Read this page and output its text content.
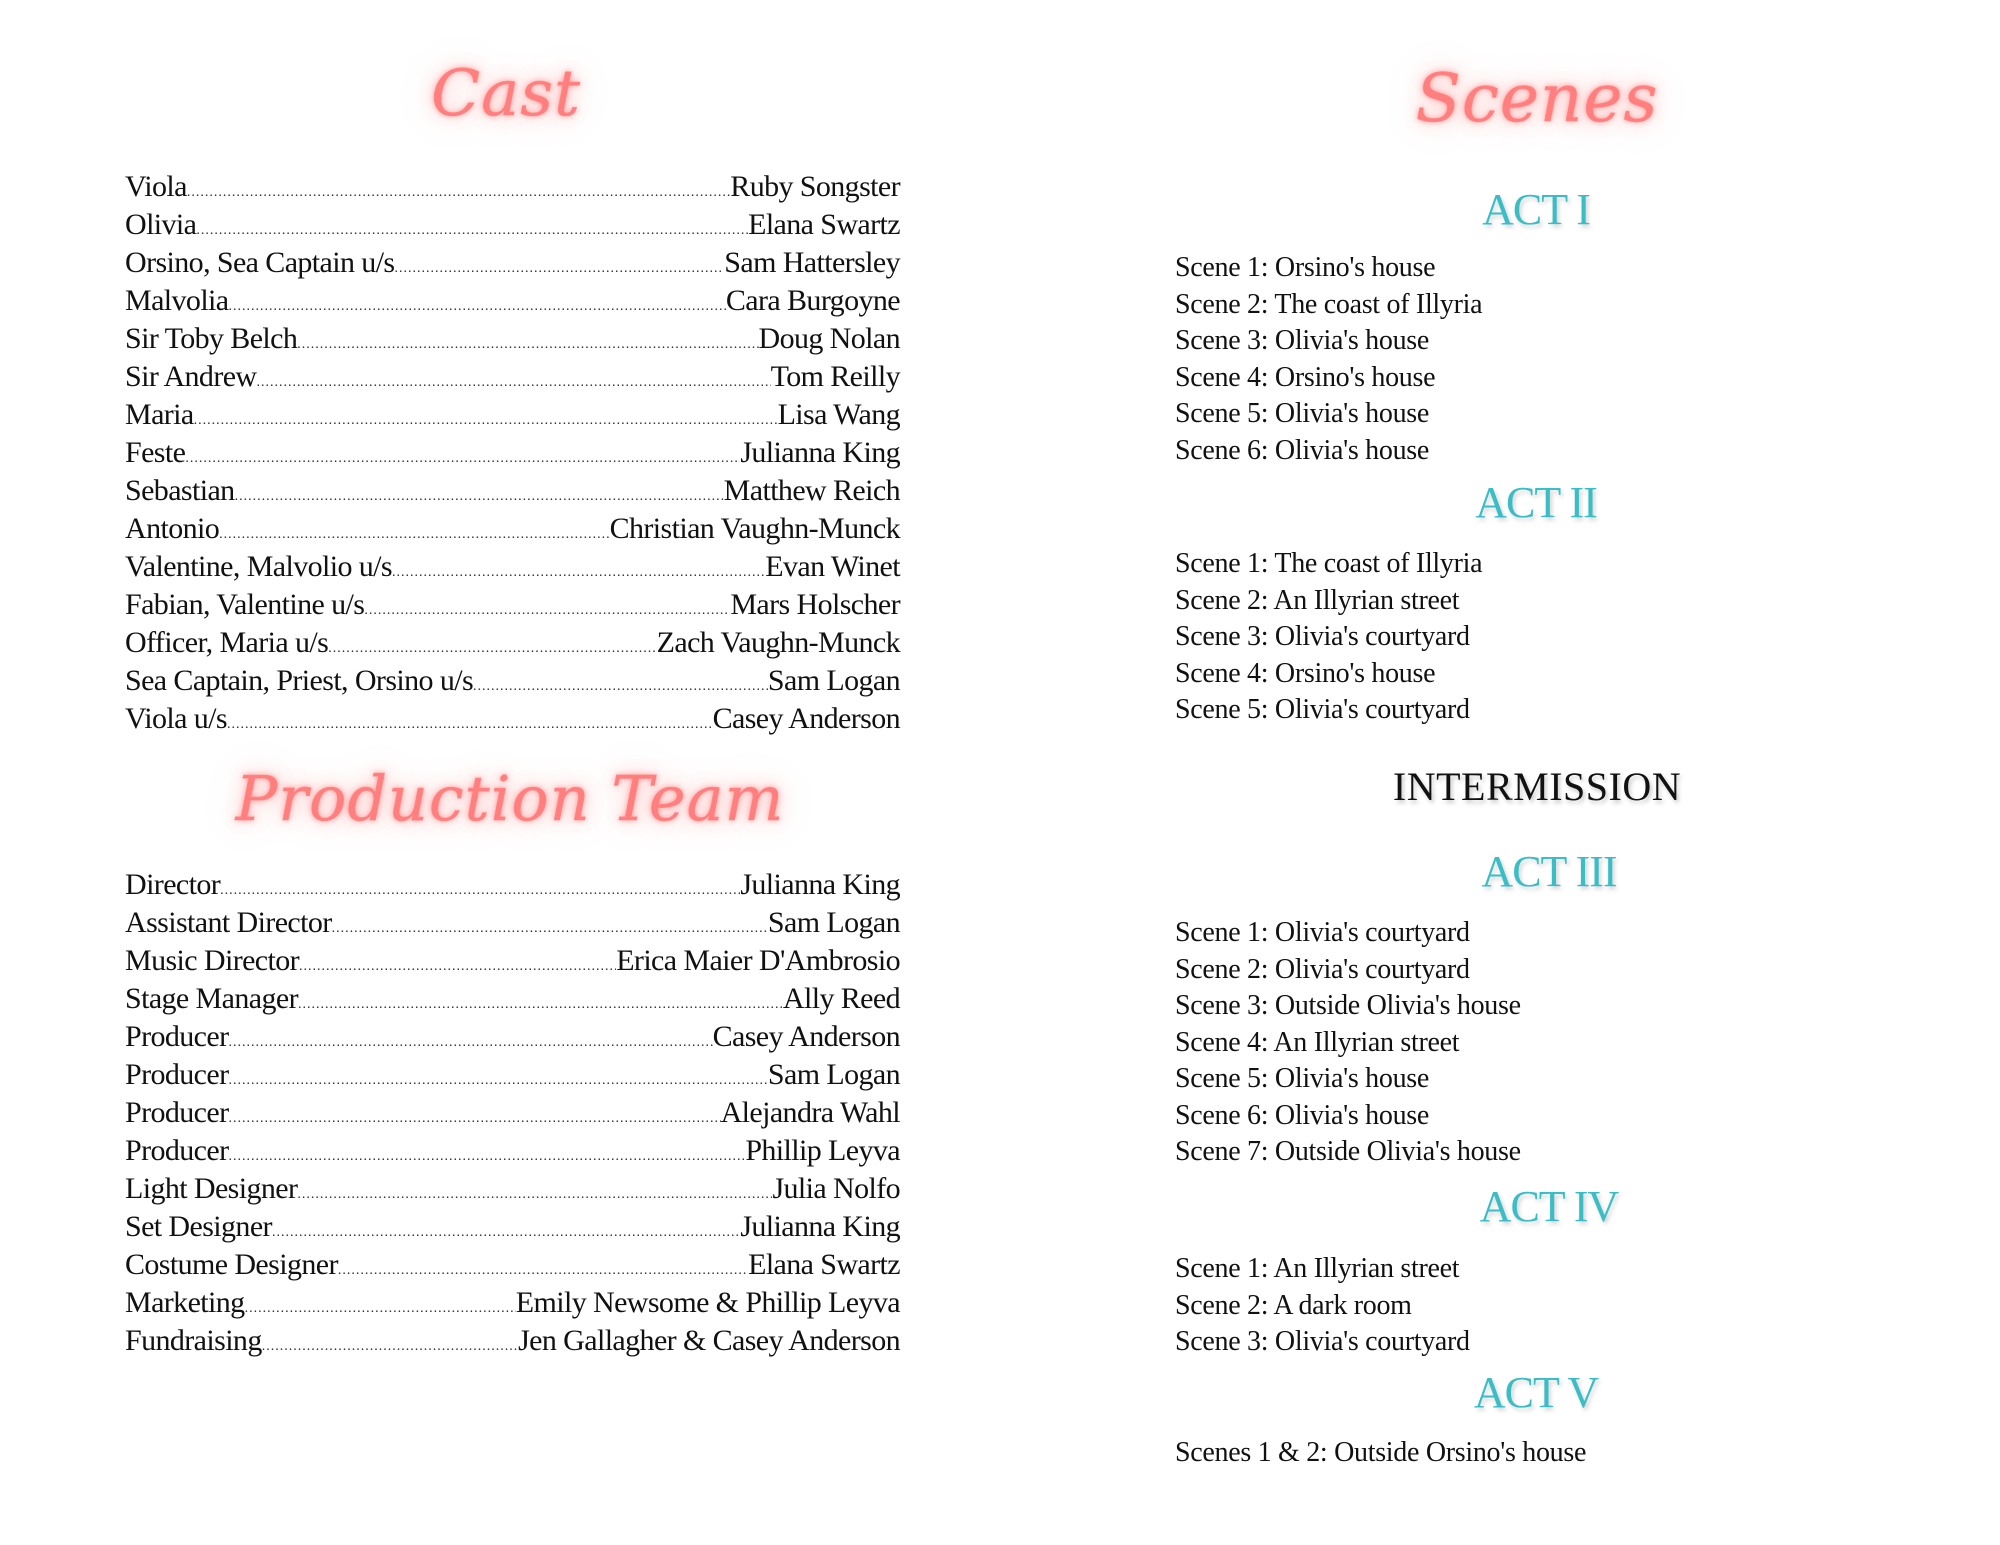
Cast
Viola .....	Ruby Songster
Olivia .....	Elana Swartz
Orsino, Sea Captain u/s .....	Sam Hattersley
Malvolia .....	Cara Burgoyne
Sir Toby Belch .....	Doug Nolan
Sir Andrew .....	Tom Reilly
Maria .....	Lisa Wang
Feste .....	Julianna King
Sebastian .....	Matthew Reich
Antonio .....	Christian Vaughn-Munck
Valentine, Malvolio u/s .....	Evan Winet
Fabian, Valentine u/s .....	Mars Holscher
Officer, Maria u/s .....	Zach Vaughn-Munck
Sea Captain, Priest, Orsino u/s .....	Sam Logan
Viola u/s .....	Casey Anderson
Production Team
Director .....	Julianna King
Assistant Director .....	Sam Logan
Music Director .....	Erica Maier D'Ambrosio
Stage Manager .....	Ally Reed
Producer .....	Casey Anderson
Producer .....	Sam Logan
Producer .....	Alejandra Wahl
Producer .....	Phillip Leyva
Light Designer .....	Julia Nolfo
Set Designer .....	Julianna King
Costume Designer .....	Elana Swartz
Marketing .....	Emily Newsome & Phillip Leyva
Fundraising .....	Jen Gallagher & Casey Anderson
Scenes
ACT I
Scene 1: Orsino's house
Scene 2: The coast of Illyria
Scene 3: Olivia's house
Scene 4: Orsino's house
Scene 5: Olivia's house
Scene 6: Olivia's house
ACT II
Scene 1: The coast of Illyria
Scene 2: An Illyrian street
Scene 3: Olivia's courtyard
Scene 4: Orsino's house
Scene 5: Olivia's courtyard
INTERMISSION
ACT III
Scene 1: Olivia's courtyard
Scene 2: Olivia's courtyard
Scene 3: Outside Olivia's house
Scene 4: An Illyrian street
Scene 5: Olivia's house
Scene 6: Olivia's house
Scene 7: Outside Olivia's house
ACT IV
Scene 1: An Illyrian street
Scene 2: A dark room
Scene 3: Olivia's courtyard
ACT V
Scenes 1 & 2: Outside Orsino's house
